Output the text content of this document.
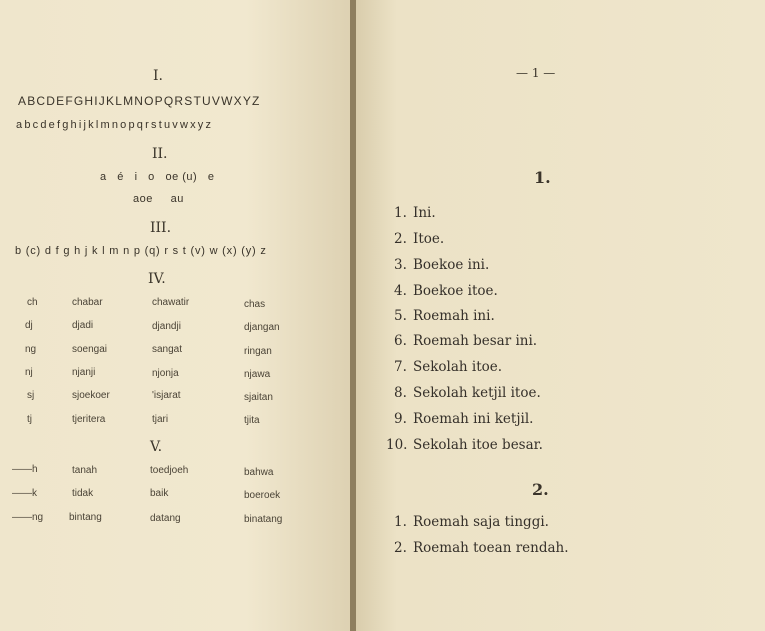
I.
ABCDEFGHIJKLMNOPQRSTUVWXYZ
abcdefghijklmnopqrstuvwxyz
II.
a   é   i   o   oe (u)   e
aoe     au
III.
b (c) d f g h j k l m n p (q) r s t (v) w (x) (y) z
IV.
ch	chabar	chawatir	chas
dj	djadi	djandji	djangan
ng	soengai	sangat	ringan
nj	njanji	njonja	njawa
sj	sjoekoer	'isjarat	sjaitan
tj	tjeritera	tjari	tjita
V.
——h	tanah	toedjoeh	bahwa
——k	tidak	baik	boeroek
——ng	bintang	datang	binatang
— 1 —
1.
1. Ini.
2. Itoe.
3. Boekoe ini.
4. Boekoe itoe.
5. Roemah ini.
6. Roemah besar ini.
7. Sekolah itoe.
8. Sekolah ketjil itoe.
9. Roemah ini ketjil.
10. Sekolah itoe besar.
2.
1. Roemah saja tinggi.
2. Roemah toean rendah.
